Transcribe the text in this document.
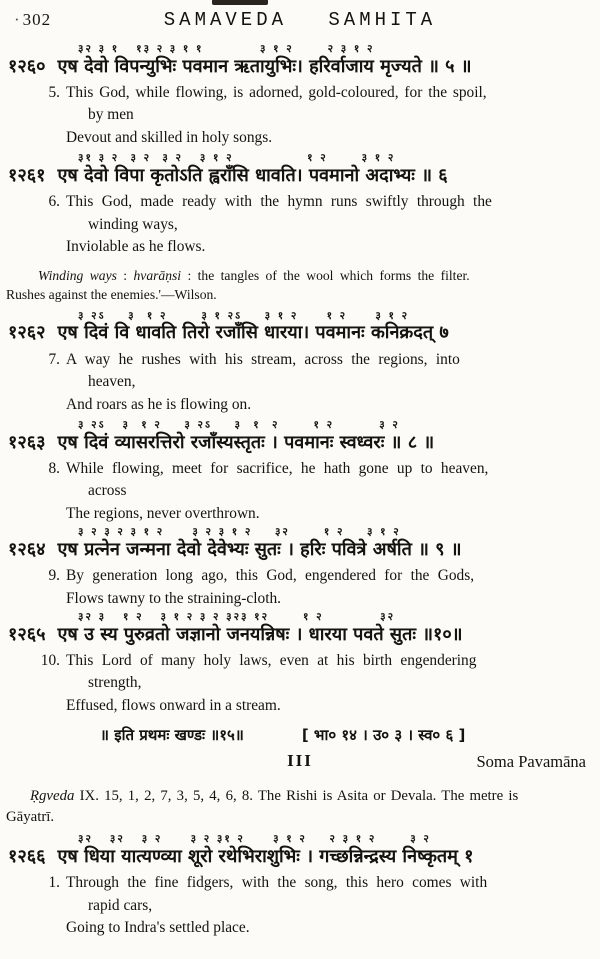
· 302	SAMAVEDA SAMHITA
३२ ३ १   १३ २ ३ १ १          ३ १ २      २ ३ १ २
१२६० एष देवो विपन्युभिः पवमान ऋतायुभिः। हरिर्वाजाय मृज्यते ॥ ५ ॥
5. This God, while flowing, is adorned, gold-coloured, for the spoil,
by men
Devout and skilled in holy songs.
३१ ३ २  ३ २  ३ २   ३ १ २             १ २      ३ १ २
१२६१ एष देवो विपा कृतोऽति ह्वराँसि धावति। पवमानो अदाभ्यः ॥ ६
6. This God, made ready with the hymn runs swiftly through the
winding ways,
Inviolable as he flows.
Winding ways : hvarāṇsi : the tangles of the wool which forms the filter.
Rushes against the enemies.'—Wilson.
३ २ऽ    ३  १ २      ३ १ २ऽ    ३ १ २     १ २     ३ १ २
१२६२ एष दिवं वि धावति तिरो रजाँसि धारया। पवमानः कनिक्रदत् ७
7. A way he rushes with his stream, across the regions, into
heaven,
And roars as he is flowing on.
३ २ऽ   ३  १ २    ३ २ऽ    ३  १  २      १ २        ३ २
१२६३ एष दिवं व्यासरत्तिरो रजाँस्यस्तृतः । पवमानः स्वध्वरः ॥ ८ ॥
8. While flowing, meet for sacrifice, he hath gone up to heaven,
across
The regions, never overthrown.
३ २ ३ २ ३ १ २     ३ २ ३ १ २    ३२      १ २    ३ १ २
१२६४ एष प्रत्नेन जन्मना देवो देवेभ्यः सुतः । हरिः पवित्रे अर्षति ॥ ९ ॥
9. By generation long ago, this God, engendered for the Gods,
Flows tawny to the straining-cloth.
३२ ३   १ २   ३ १ २ ३ २ ३२३ १२      १ २          ३२
१२६५ एष उ स्य पुरुव्रतो जज्ञानो जनयन्निषः । धारया पवते सुतः ॥१०॥
10. This Lord of many holy laws, even at his birth engendering
strength,
Effused, flows onward in a stream.
॥ इति प्रथमः खण्डः ॥१५॥	[ भा० १४ । उ० ३ । स्व० ६ ]
III	Soma Pavamāna

Ṛgveda IX. 15, 1, 2, 7, 3, 5, 4, 6, 8. The Rishi is Asita or Devala. The metre is

Gāyatrī.

३२   ३२   ३ २     ३ २ ३१ २     ३ १ २    २ ३ १ २      ३ २
१२६६ एष धिया यात्यण्व्या शूरो रथेभिराशुभिः । गच्छन्निन्द्रस्य निष्कृतम् १
1. Through the fine fidgers, with the song, this hero comes with
rapid cars,
Going to Indra's settled place.
